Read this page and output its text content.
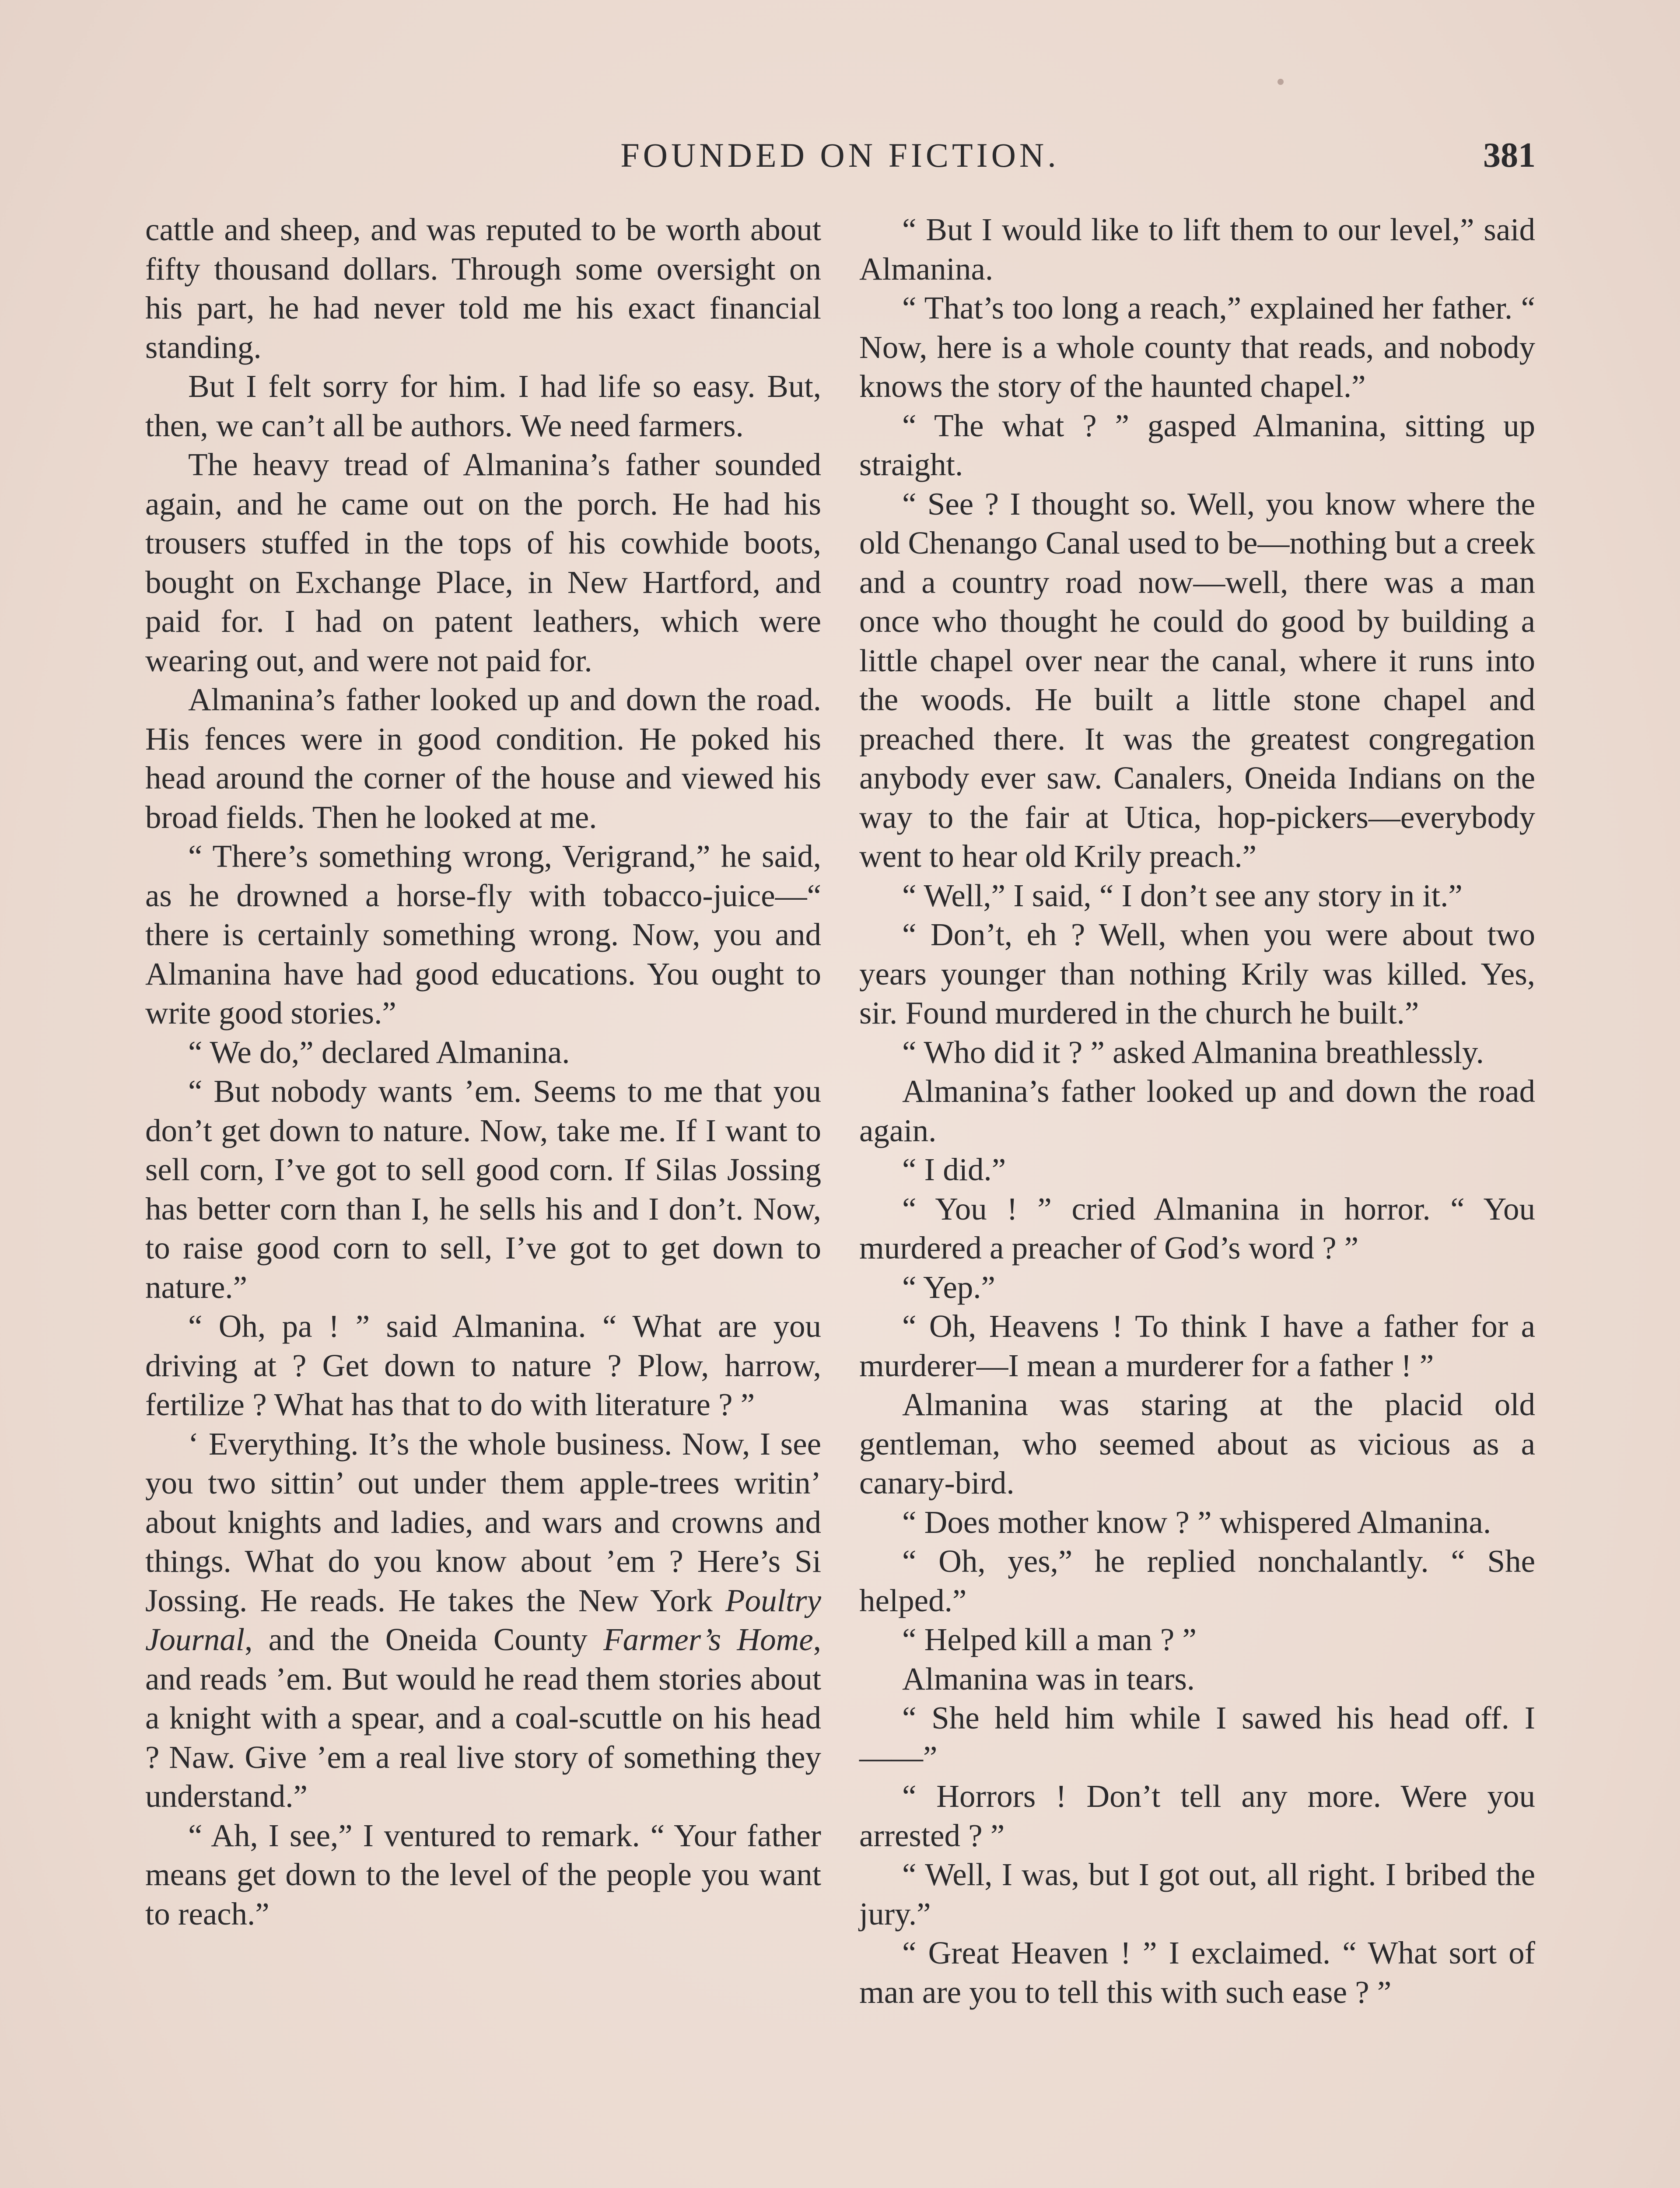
FOUNDED ON FICTION.	381

cattle and sheep, and was reputed to be worth about fifty thousand dollars. Through some oversight on his part, he had never told me his exact financial standing.

But I felt sorry for him. I had life so easy. But, then, we can’t all be authors. We need farmers.

The heavy tread of Almanina’s father sounded again, and he came out on the porch. He had his trousers stuffed in the tops of his cowhide boots, bought on Exchange Place, in New Hartford, and paid for. I had on patent leathers, which were wearing out, and were not paid for.

Almanina’s father looked up and down the road. His fences were in good condition. He poked his head around the corner of the house and viewed his broad fields. Then he looked at me.

“ There’s something wrong, Verigrand,” he said, as he drowned a horse-fly with tobacco-juice—“ there is certainly something wrong. Now, you and Almanina have had good educations. You ought to write good stories.”

“ We do,” declared Almanina.

“ But nobody wants ’em. Seems to me that you don’t get down to nature. Now, take me. If I want to sell corn, I’ve got to sell good corn. If Silas Jossing has better corn than I, he sells his and I don’t. Now, to raise good corn to sell, I’ve got to get down to nature.”

“ Oh, pa ! ” said Almanina. “ What are you driving at ? Get down to nature ? Plow, harrow, fertilize ? What has that to do with literature ? ”

‘ Everything. It’s the whole business. Now, I see you two sittin’ out under them apple-trees writin’ about knights and ladies, and wars and crowns and things. What do you know about ’em ? Here’s Si Jossing. He reads. He takes the New York Poultry Journal, and the Oneida County Farmer’s Home, and reads ’em. But would he read them stories about a knight with a spear, and a coal-scuttle on his head ? Naw. Give ’em a real live story of something they understand.”

“ Ah, I see,” I ventured to remark. “ Your father means get down to the level of the people you want to reach.”

“ But I would like to lift them to our level,” said Almanina.

“ That’s too long a reach,” explained her father. “ Now, here is a whole county that reads, and nobody knows the story of the haunted chapel.”

“ The what ? ” gasped Almanina, sitting up straight.

“ See ? I thought so. Well, you know where the old Chenango Canal used to be—nothing but a creek and a country road now—well, there was a man once who thought he could do good by building a little chapel over near the canal, where it runs into the woods. He built a little stone chapel and preached there. It was the greatest congregation anybody ever saw. Canalers, Oneida Indians on the way to the fair at Utica, hop-pickers—everybody went to hear old Krily preach.”

“ Well,” I said, “ I don’t see any story in it.”

“ Don’t, eh ? Well, when you were about two years younger than nothing Krily was killed. Yes, sir. Found murdered in the church he built.”

“ Who did it ? ” asked Almanina breathlessly.

Almanina’s father looked up and down the road again.

“ I did.”

“ You ! ” cried Almanina in horror. “ You murdered a preacher of God’s word ? ”

“ Yep.”

“ Oh, Heavens ! To think I have a father for a murderer—I mean a murderer for a father ! ”

Almanina was staring at the placid old gentleman, who seemed about as vicious as a canary-bird.

“ Does mother know ? ” whispered Almanina.

“ Oh, yes,” he replied nonchalantly. “ She helped.”

“ Helped kill a man ? ”

Almanina was in tears.

“ She held him while I sawed his head off. I——”

“ Horrors ! Don’t tell any more. Were you arrested ? ”

“ Well, I was, but I got out, all right. I bribed the jury.”

“ Great Heaven ! ” I exclaimed. “ What sort of man are you to tell this with such ease ? ”
